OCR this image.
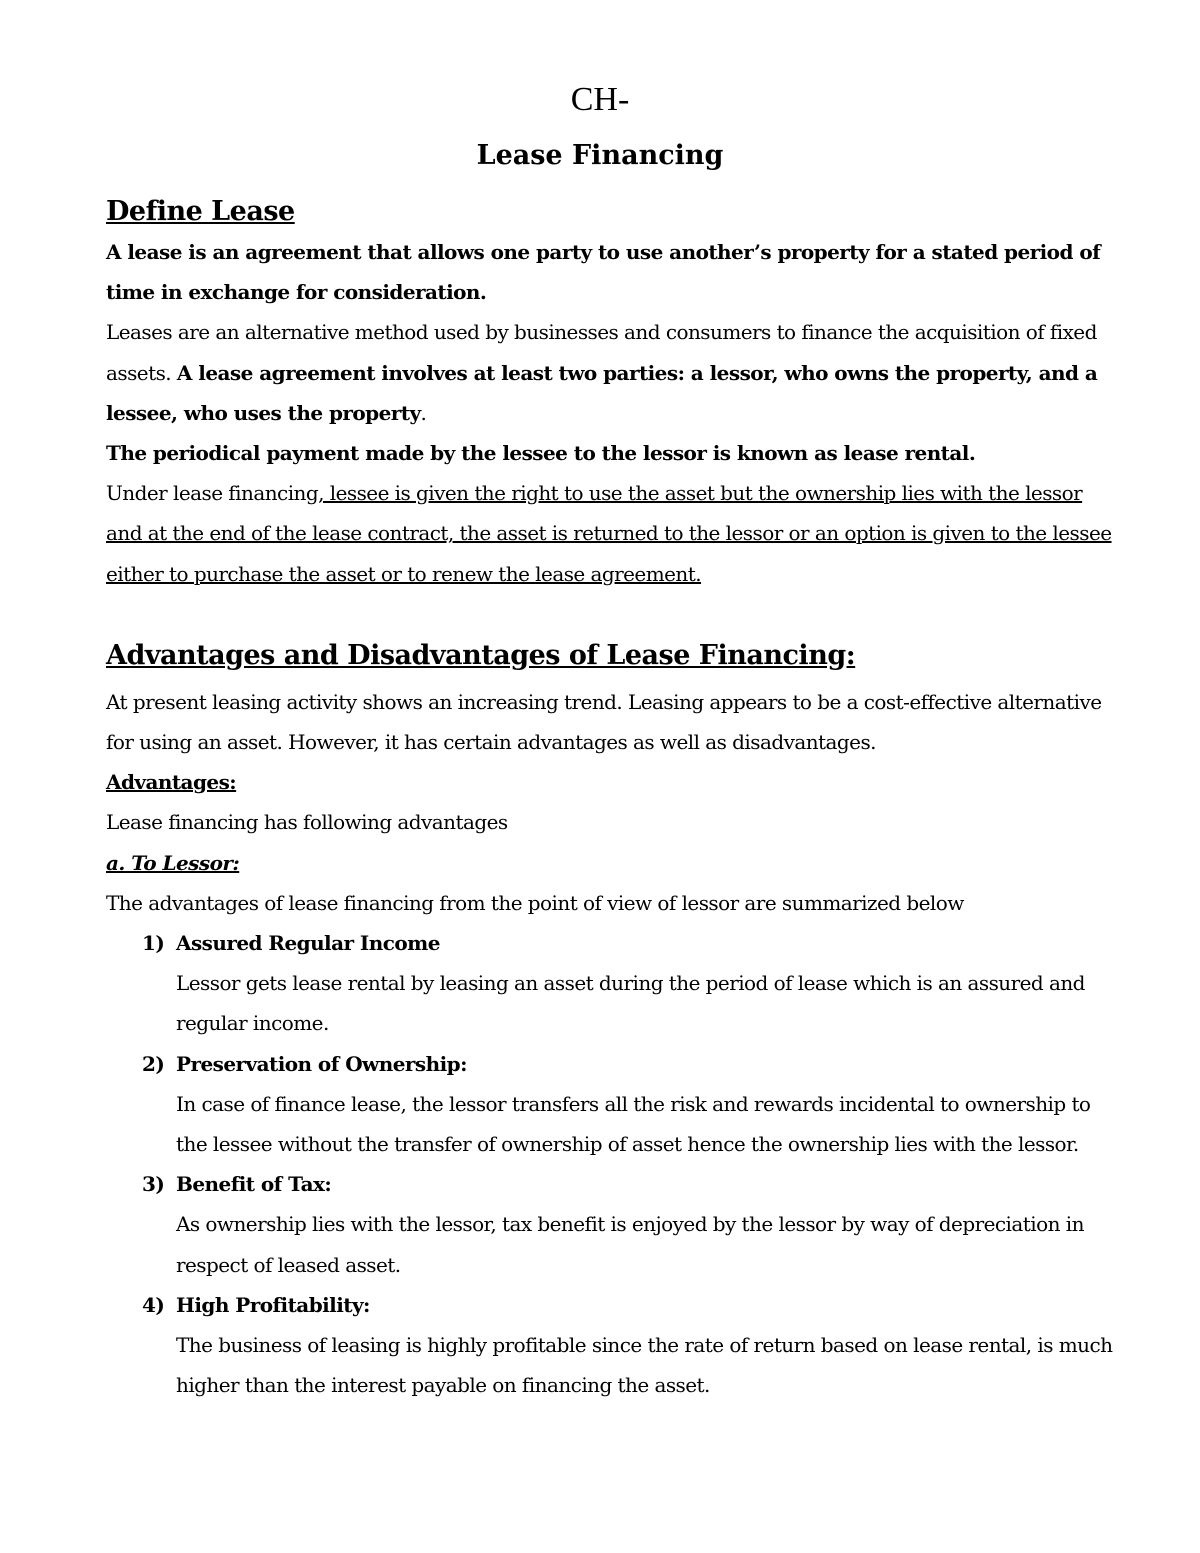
CH-
Lease Financing

Define Lease

A lease is an agreement that allows one party to use another’s property for a stated period of time in exchange for consideration.

Leases are an alternative method used by businesses and consumers to finance the acquisition of fixed assets. A lease agreement involves at least two parties: a lessor, who owns the property, and a lessee, who uses the property.

The periodical payment made by the lessee to the lessor is known as lease rental.

Under lease financing, lessee is given the right to use the asset but the ownership lies with the lessor and at the end of the lease contract, the asset is returned to the lessor or an option is given to the lessee either to purchase the asset or to renew the lease agreement.

Advantages and Disadvantages of Lease Financing:

At present leasing activity shows an increasing trend. Leasing appears to be a cost-effective alternative for using an asset. However, it has certain advantages as well as disadvantages.

Advantages:

Lease financing has following advantages

a. To Lessor:

The advantages of lease financing from the point of view of lessor are summarized below

1) Assured Regular Income
Lessor gets lease rental by leasing an asset during the period of lease which is an assured and regular income.
2) Preservation of Ownership:
In case of finance lease, the lessor transfers all the risk and rewards incidental to ownership to the lessee without the transfer of ownership of asset hence the ownership lies with the lessor.
3) Benefit of Tax:
As ownership lies with the lessor, tax benefit is enjoyed by the lessor by way of depreciation in respect of leased asset.
4) High Profitability:
The business of leasing is highly profitable since the rate of return based on lease rental, is much higher than the interest payable on financing the asset.
